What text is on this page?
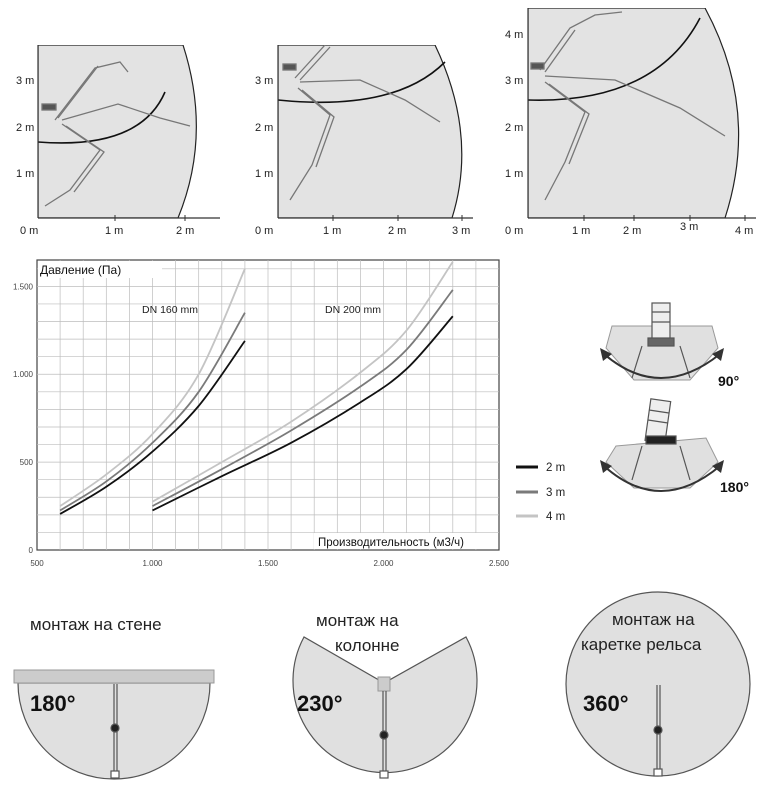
0 m
1 m
2 m
3 m
1 m	2 m	0 m
1 m
2 m
3 m
1 m	2 m	3 m	0 m
1 m
2 m
3 m
4 m
1 m	2 m	3 m	4 m
Давление (Па)
Производительность (м3/ч)
DN 160 mm	DN 200 mm
500	1.000	1.500	2.000	2.500
0
500
1.000
1.500
2 m
3 m
4 m
90°
180°
монтаж на стене
180°
монтаж на
колонне
230°
монтаж на
каретке рельса
360°
